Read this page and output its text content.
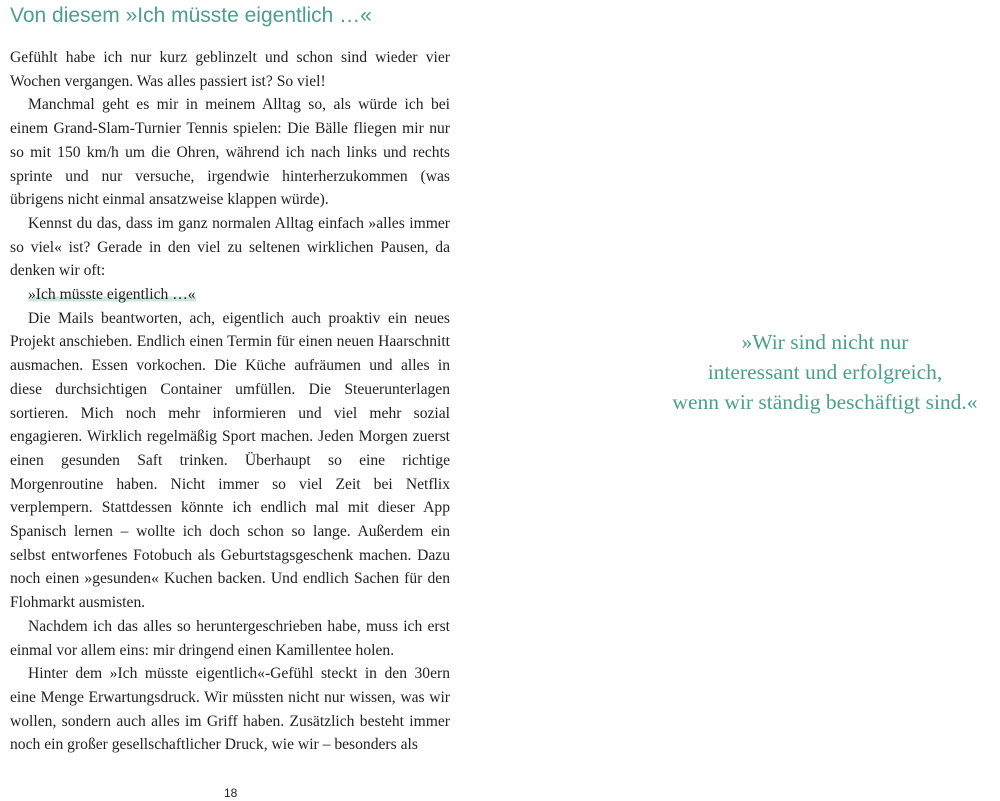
Von diesem »Ich müsste eigentlich …«

Gefühlt habe ich nur kurz geblinzelt und schon sind wieder vier Wochen vergangen. Was alles passiert ist? So viel!

Manchmal geht es mir in meinem Alltag so, als würde ich bei einem Grand-Slam-Turnier Tennis spielen: Die Bälle fliegen mir nur so mit 150 km/h um die Ohren, während ich nach links und rechts sprinte und nur versuche, irgendwie hinterherzukommen (was übrigens nicht einmal ansatzweise klappen würde).

Kennst du das, dass im ganz normalen Alltag einfach »alles immer so viel« ist? Gerade in den viel zu seltenen wirklichen Pausen, da denken wir oft:

»Ich müsste eigentlich …«

Die Mails beantworten, ach, eigentlich auch proaktiv ein neues Projekt anschieben. Endlich einen Termin für einen neuen Haarschnitt ausmachen. Essen vorkochen. Die Küche aufräumen und alles in diese durchsichtigen Container umfüllen. Die Steuerunterlagen sortieren. Mich noch mehr informieren und viel mehr sozial engagieren. Wirklich regelmäßig Sport machen. Jeden Morgen zuerst einen gesunden Saft trinken. Überhaupt so eine richtige Morgenroutine haben. Nicht immer so viel Zeit bei Netflix verplempern. Stattdessen könnte ich endlich mal mit dieser App Spanisch lernen – wollte ich doch schon so lange. Außerdem ein selbst entworfenes Fotobuch als Geburtstagsgeschenk machen. Dazu noch einen »gesunden« Kuchen backen. Und endlich Sachen für den Flohmarkt ausmisten.

Nachdem ich das alles so heruntergeschrieben habe, muss ich erst einmal vor allem eins: mir dringend einen Kamillentee holen.

Hinter dem »Ich müsste eigentlich«-Gefühl steckt in den 30ern eine Menge Erwartungsdruck. Wir müssten nicht nur wissen, was wir wollen, sondern auch alles im Griff haben. Zusätzlich besteht immer noch ein großer gesellschaftlicher Druck, wie wir – besonders als

18
»Wir sind nicht nur
interessant und erfolgreich,
wenn wir ständig beschäftigt sind.«
